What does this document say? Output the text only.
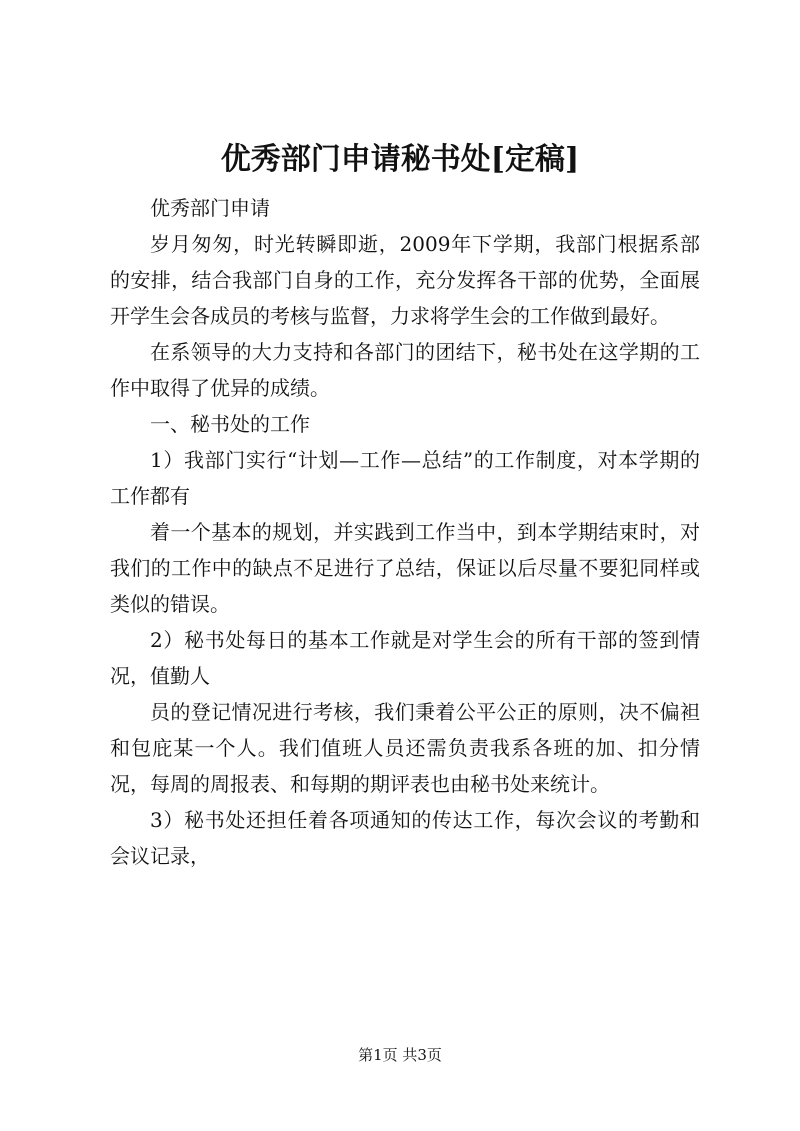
优秀部门申请秘书处[定稿]

优秀部门申请

岁月匆匆，时光转瞬即逝，2009年下学期，我部门根据系部的安排，结合我部门自身的工作，充分发挥各干部的优势，全面展开学生会各成员的考核与监督，力求将学生会的工作做到最好。

在系领导的大力支持和各部门的团结下，秘书处在这学期的工作中取得了优异的成绩。

一、秘书处的工作

1）我部门实行“计划—工作—总结”的工作制度，对本学期的工作都有

着一个基本的规划，并实践到工作当中，到本学期结束时，对我们的工作中的缺点不足进行了总结，保证以后尽量不要犯同样或类似的错误。

2）秘书处每日的基本工作就是对学生会的所有干部的签到情况，值勤人

员的登记情况进行考核，我们秉着公平公正的原则，决不偏袒和包庇某一个人。我们值班人员还需负责我系各班的加、扣分情况，每周的周报表、和每期的期评表也由秘书处来统计。

3）秘书处还担任着各项通知的传达工作，每次会议的考勤和会议记录，

第1页 共3页
